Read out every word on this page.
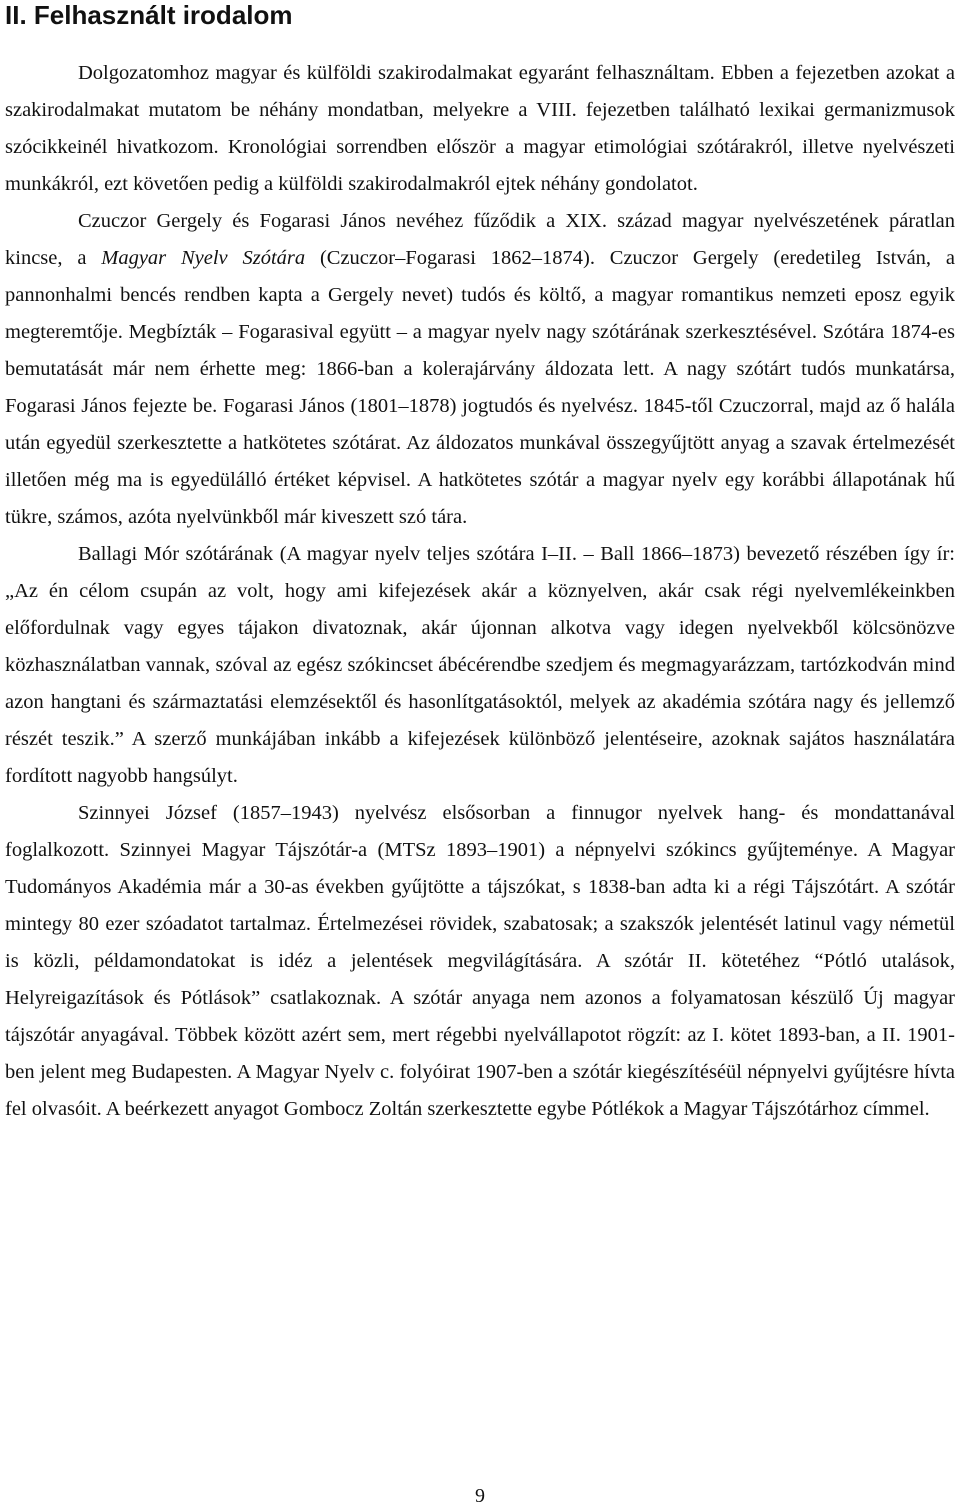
II. Felhasznált irodalom

Dolgozatomhoz magyar és külföldi szakirodalmakat egyaránt felhasználtam. Ebben a fejezetben azokat a szakirodalmakat mutatom be néhány mondatban, melyekre a VIII. fejezetben található lexikai germanizmusok szócikkeinél hivatkozom. Kronológiai sorrendben először a magyar etimológiai szótárakról, illetve nyelvészeti munkákról, ezt követően pedig a külföldi szakirodalmakról ejtek néhány gondolatot.

Czuczor Gergely és Fogarasi János nevéhez fűződik a XIX. század magyar nyelvészetének páratlan kincse, a Magyar Nyelv Szótára (Czuczor–Fogarasi 1862–1874). Czuczor Gergely (eredetileg István, a pannonhalmi bencés rendben kapta a Gergely nevet) tudós és költő, a magyar romantikus nemzeti eposz egyik megteremtője. Megbízták – Fogarasival együtt – a magyar nyelv nagy szótárának szerkesztésével. Szótára 1874-es bemutatását már nem érhette meg: 1866-ban a kolerajárvány áldozata lett. A nagy szótárt tudós munkatársa, Fogarasi János fejezte be. Fogarasi János (1801–1878) jogtudós és nyelvész. 1845-től Czuczorral, majd az ő halála után egyedül szerkesztette a hatkötetes szótárat. Az áldozatos munkával összegyűjtött anyag a szavak értelmezését illetően még ma is egyedülálló értéket képvisel. A hatkötetes szótár a magyar nyelv egy korábbi állapotának hű tükre, számos, azóta nyelvünkből már kiveszett szó tára.

Ballagi Mór szótárának (A magyar nyelv teljes szótára I–II. – Ball 1866–1873) bevezető részében így ír: „Az én célom csupán az volt, hogy ami kifejezések akár a köznyelven, akár csak régi nyelvemlékeinkben előfordulnak vagy egyes tájakon divatoznak, akár újonnan alkotva vagy idegen nyelvekből kölcsönözve közhasználatban vannak, szóval az egész szókincset ábécérendbe szedjem és megmagyarázzam, tartózkodván mind azon hangtani és származtatási elemzésektől és hasonlítgatásoktól, melyek az akadémia szótára nagy és jellemző részét teszik.” A szerző munkájában inkább a kifejezések különböző jelentéseire, azoknak sajátos használatára fordított nagyobb hangsúlyt.

Szinnyei József (1857–1943) nyelvész elsősorban a finnugor nyelvek hang- és mondattanával foglalkozott. Szinnyei Magyar Tájszótár-a (MTSz 1893–1901) a népnyelvi szókincs gyűjteménye. A Magyar Tudományos Akadémia már a 30-as években gyűjtötte a tájszókat, s 1838-ban adta ki a régi Tájszótárt. A szótár mintegy 80 ezer szóadatot tartalmaz. Értelmezései rövidek, szabatosak; a szakszók jelentését latinul vagy németül is közli, példamondatokat is idéz a jelentések megvilágítására. A szótár II. kötetéhez “Pótló utalások, Helyreigazítások és Pótlások” csatlakoznak. A szótár anyaga nem azonos a folyamatosan készülő Új magyar tájszótár anyagával. Többek között azért sem, mert régebbi nyelvállapotot rögzít: az I. kötet 1893-ban, a II. 1901-ben jelent meg Budapesten. A Magyar Nyelv c. folyóirat 1907-ben a szótár kiegészítéséül népnyelvi gyűjtésre hívta fel olvasóit. A beérkezett anyagot Gombocz Zoltán szerkesztette egybe Pótlékok a Magyar Tájszótárhoz címmel.

9
